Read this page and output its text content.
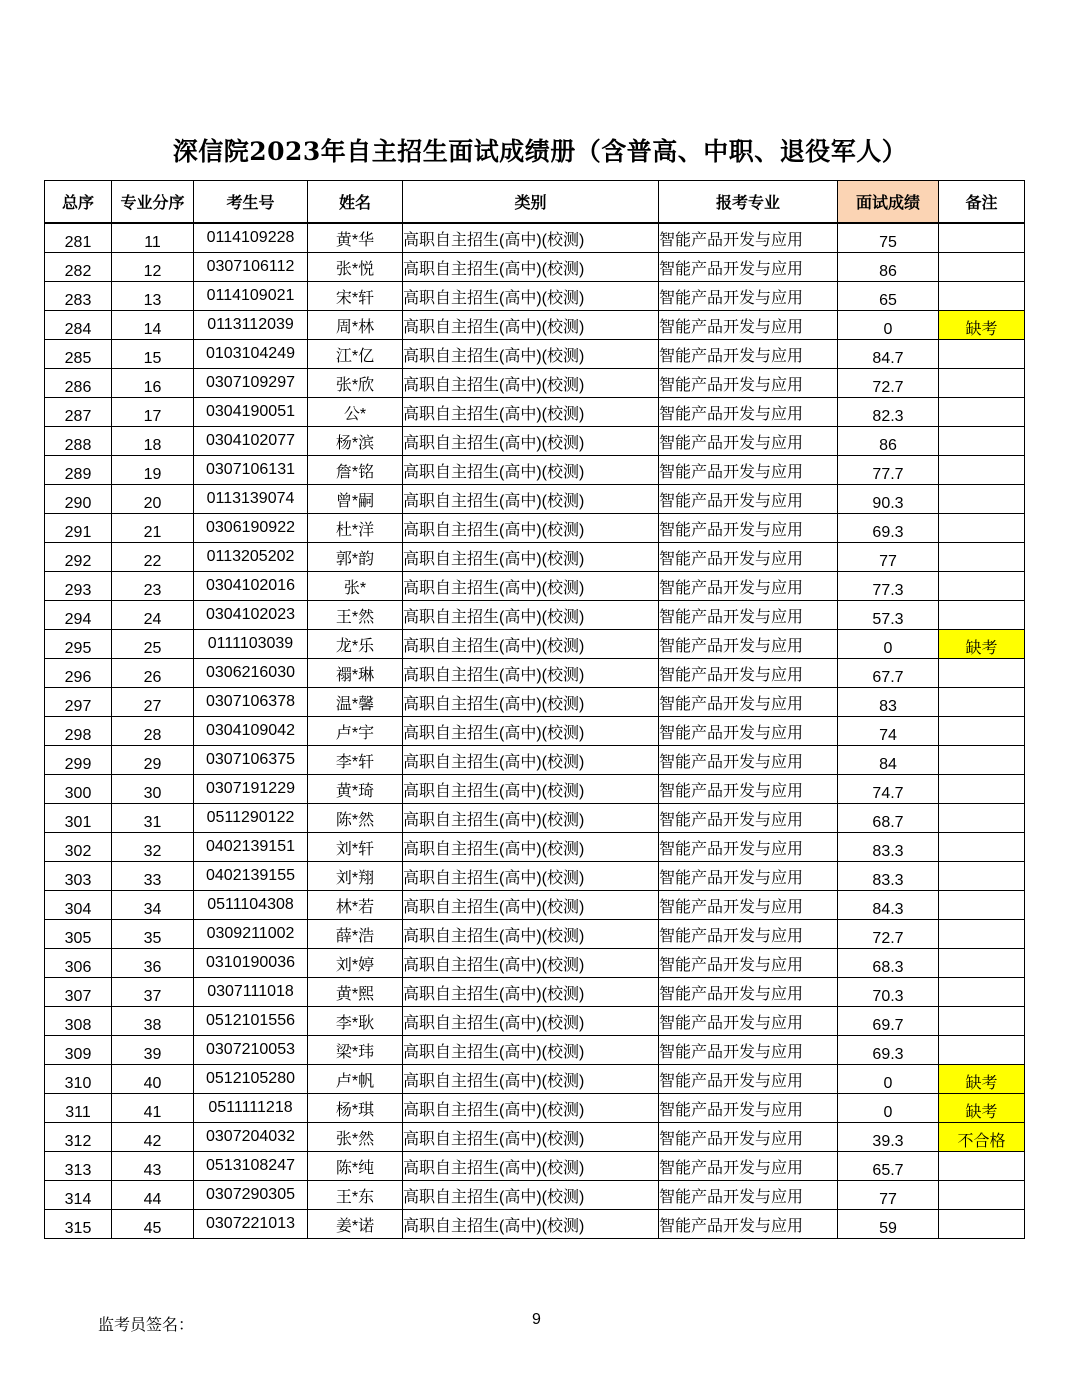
深信院2023年自主招生面试成绩册（含普高、中职、退役军人）
总序	专业分序	考生号	姓名	类别	报考专业	面试成绩	备注
281	11	0114109228	黄*华	高职自主招生(高中)(校测)	智能产品开发与应用	75	
282	12	0307106112	张*悦	高职自主招生(高中)(校测)	智能产品开发与应用	86	
283	13	0114109021	宋*轩	高职自主招生(高中)(校测)	智能产品开发与应用	65	
284	14	0113112039	周*林	高职自主招生(高中)(校测)	智能产品开发与应用	0	缺考
285	15	0103104249	江*亿	高职自主招生(高中)(校测)	智能产品开发与应用	84.7	
286	16	0307109297	张*欣	高职自主招生(高中)(校测)	智能产品开发与应用	72.7	
287	17	0304190051	公*	高职自主招生(高中)(校测)	智能产品开发与应用	82.3	
288	18	0304102077	杨*滨	高职自主招生(高中)(校测)	智能产品开发与应用	86	
289	19	0307106131	詹*铭	高职自主招生(高中)(校测)	智能产品开发与应用	77.7	
290	20	0113139074	曾*嗣	高职自主招生(高中)(校测)	智能产品开发与应用	90.3	
291	21	0306190922	杜*洋	高职自主招生(高中)(校测)	智能产品开发与应用	69.3	
292	22	0113205202	郭*韵	高职自主招生(高中)(校测)	智能产品开发与应用	77	
293	23	0304102016	张*	高职自主招生(高中)(校测)	智能产品开发与应用	77.3	
294	24	0304102023	王*然	高职自主招生(高中)(校测)	智能产品开发与应用	57.3	
295	25	0111103039	龙*乐	高职自主招生(高中)(校测)	智能产品开发与应用	0	缺考
296	26	0306216030	禤*琳	高职自主招生(高中)(校测)	智能产品开发与应用	67.7	
297	27	0307106378	温*馨	高职自主招生(高中)(校测)	智能产品开发与应用	83	
298	28	0304109042	卢*宇	高职自主招生(高中)(校测)	智能产品开发与应用	74	
299	29	0307106375	李*轩	高职自主招生(高中)(校测)	智能产品开发与应用	84	
300	30	0307191229	黄*琦	高职自主招生(高中)(校测)	智能产品开发与应用	74.7	
301	31	0511290122	陈*然	高职自主招生(高中)(校测)	智能产品开发与应用	68.7	
302	32	0402139151	刘*轩	高职自主招生(高中)(校测)	智能产品开发与应用	83.3	
303	33	0402139155	刘*翔	高职自主招生(高中)(校测)	智能产品开发与应用	83.3	
304	34	0511104308	林*若	高职自主招生(高中)(校测)	智能产品开发与应用	84.3	
305	35	0309211002	薛*浩	高职自主招生(高中)(校测)	智能产品开发与应用	72.7	
306	36	0310190036	刘*婷	高职自主招生(高中)(校测)	智能产品开发与应用	68.3	
307	37	0307111018	黄*熙	高职自主招生(高中)(校测)	智能产品开发与应用	70.3	
308	38	0512101556	李*耿	高职自主招生(高中)(校测)	智能产品开发与应用	69.7	
309	39	0307210053	梁*玮	高职自主招生(高中)(校测)	智能产品开发与应用	69.3	
310	40	0512105280	卢*帆	高职自主招生(高中)(校测)	智能产品开发与应用	0	缺考
311	41	0511111218	杨*琪	高职自主招生(高中)(校测)	智能产品开发与应用	0	缺考
312	42	0307204032	张*然	高职自主招生(高中)(校测)	智能产品开发与应用	39.3	不合格
313	43	0513108247	陈*纯	高职自主招生(高中)(校测)	智能产品开发与应用	65.7	
314	44	0307290305	王*东	高职自主招生(高中)(校测)	智能产品开发与应用	77	
315	45	0307221013	姜*诺	高职自主招生(高中)(校测)	智能产品开发与应用	59	
监考员签名：	9
